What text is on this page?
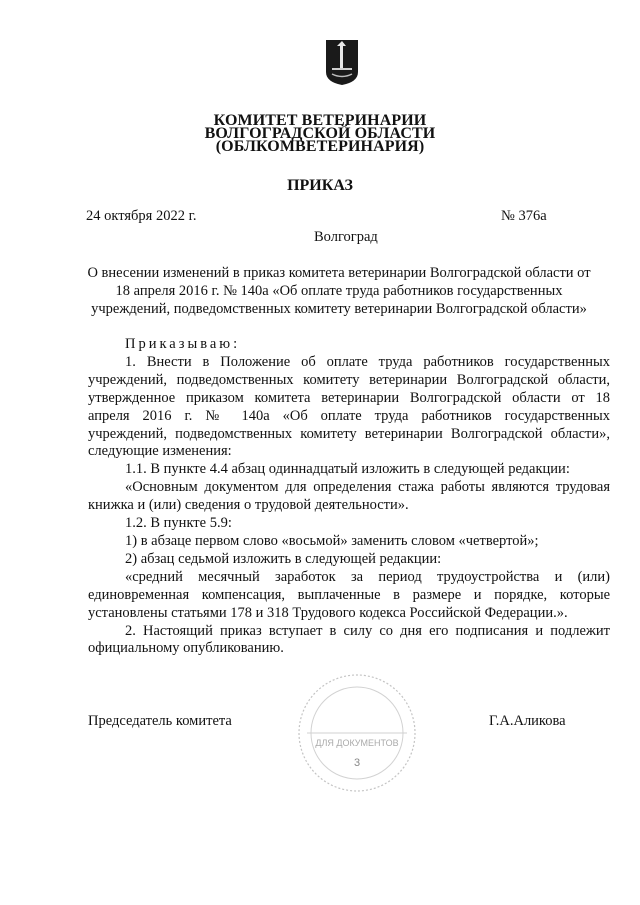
КОМИТЕТ ВЕТЕРИНАРИИ
ВОЛГОГРАДСКОЙ ОБЛАСТИ
(ОБЛКОМВЕТЕРИНАРИЯ)
ПРИКАЗ
24 октября 2022 г.	№ 376а
Волгоград
О внесении изменений в приказ комитета ветеринарии Волгоградской области от
18 апреля 2016 г. № 140а «Об оплате труда работников государственных
учреждений, подведомственных комитету ветеринарии Волгоградской области»
Приказываю:
1. Внести в Положение об оплате труда работников государственных
учреждений, подведомственных комитету ветеринарии Волгоградской области,
утвержденное приказом комитета ветеринарии Волгоградской области от 18
апреля 2016 г. № 140а «Об оплате труда работников государственных
учреждений, подведомственных комитету ветеринарии Волгоградской области»,
следующие изменения:
1.1. В пункте 4.4 абзац одиннадцатый изложить в следующей редакции:
«Основным документом для определения стажа работы являются трудовая
книжка и (или) сведения о трудовой деятельности».
1.2. В пункте 5.9:
1) в абзаце первом слово «восьмой» заменить словом «четвертой»;
2) абзац седьмой изложить в следующей редакции:
«средний месячный заработок за период трудоустройства и (или)
единовременная компенсация, выплаченные в размере и порядке, которые
установлены статьями 178 и 318 Трудового кодекса Российской Федерации.».
2. Настоящий приказ вступает в силу со дня его подписания и подлежит
официальному опубликованию.
ДЛЯ ДОКУМЕНТОВ
3
Председатель комитета	Г.А.Аликова
